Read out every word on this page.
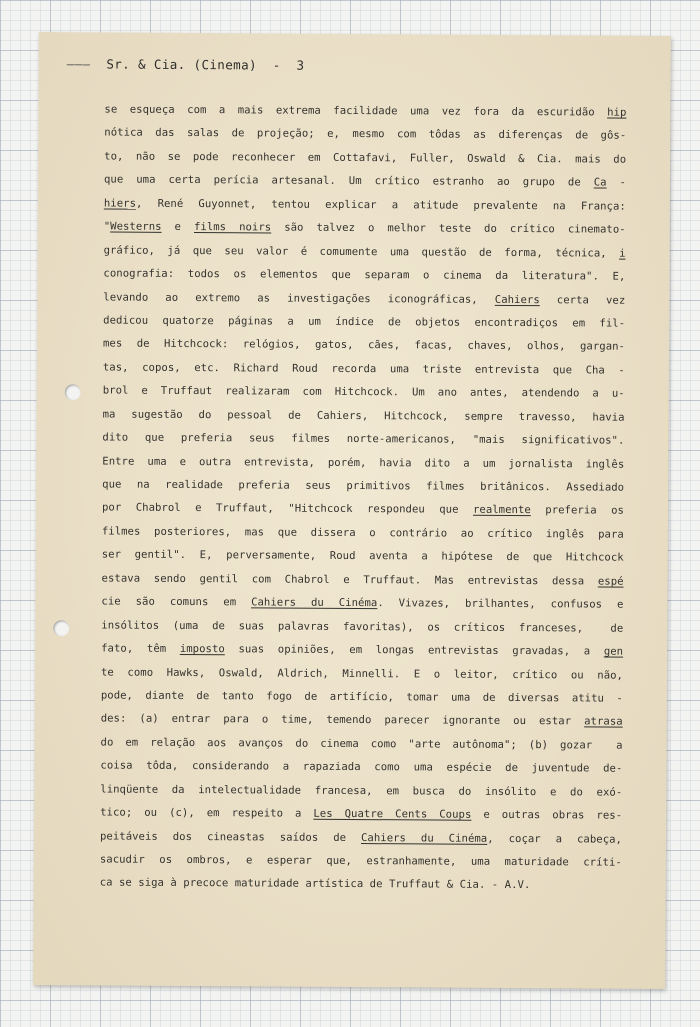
——— Sr. & Cia. (Cinema)  -  3
se esqueça com a mais extrema facilidade uma vez fora da escuridão hip
nótica das salas de projeção; e, mesmo com tôdas as diferenças de gôs-
to, não se pode reconhecer em Cottafavi, Fuller, Oswald & Cia. mais do
que uma certa perícia artesanal. Um crítico estranho ao grupo de Ca -
hiers, René Guyonnet, tentou explicar a atitude prevalente na França:
"Westerns e films noirs são talvez o melhor teste do crítico cinemato-
gráfico, já que seu valor é comumente uma questão de forma, técnica, i
conografia: todos os elementos que separam o cinema da literatura". E,
levando ao extremo as investigações iconográficas, Cahiers certa vez
dedicou quatorze páginas a um índice de objetos encontradiços em fil-
mes de Hitchcock: relógios, gatos, cães, facas, chaves, olhos, gargan-
tas, copos, etc. Richard Roud recorda uma triste entrevista que Cha -
brol e Truffaut realizaram com Hitchcock. Um ano antes, atendendo a u-
ma sugestão do pessoal de Cahiers, Hitchcock, sempre travesso, havia
dito que preferia seus filmes norte-americanos, "mais significativos".
Entre uma e outra entrevista, porém, havia dito a um jornalista inglês
que na realidade preferia seus primitivos filmes britânicos. Assediado
por Chabrol e Truffaut, "Hitchcock respondeu que realmente preferia os
filmes posteriores, mas que dissera o contrário ao crítico inglês para
ser gentil". E, perversamente, Roud aventa a hipótese de que Hitchcock
estava sendo gentil com Chabrol e Truffaut. Mas entrevistas dessa espé
cie são comuns em Cahiers du Cinéma. Vivazes, brilhantes, confusos e
insólitos (uma de suas palavras favoritas), os críticos franceses,  de
fato, têm imposto suas opiniões, em longas entrevistas gravadas, a gen
te como Hawks, Oswald, Aldrich, Minnelli. E o leitor, crítico ou não,
pode, diante de tanto fogo de artifício, tomar uma de diversas atitu -
des: (a) entrar para o time, temendo parecer ignorante ou estar atrasa
do em relação aos avanços do cinema como "arte autônoma"; (b) gozar  a
coisa tôda, considerando a rapaziada como uma espécie de juventude de-
linqüente da intelectualidade francesa, em busca do insólito e do exó-
tico; ou (c), em respeito a Les Quatre Cents Coups e outras obras res-
peitáveis dos cineastas saídos de Cahiers du Cinéma, coçar a cabeça,
sacudir os ombros, e esperar que, estranhamente, uma maturidade críti-
ca se siga à precoce maturidade artística de Truffaut & Cia. - A.V.
